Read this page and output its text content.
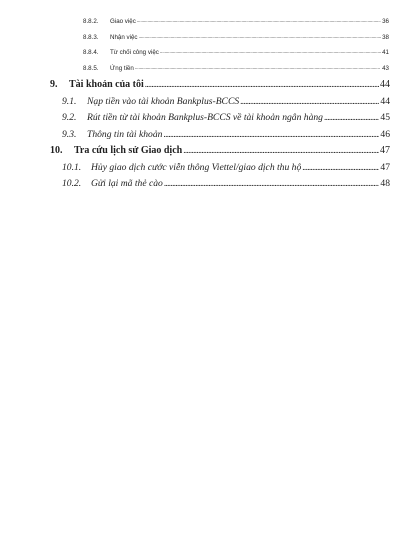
8.8.2.	Giao việc .....	36
8.8.3.	Nhận việc .....	38
8.8.4.	Từ chối công việc .....	41
8.8.5.	Ứng tiền .....	43
9.	Tài khoản của tôi .....	44
9.1.	Nạp tiền vào tài khoản Bankplus-BCCS .....	44
9.2.	Rút tiền từ tài khoản Bankplus-BCCS về tài khoản ngân hàng .....	45
9.3.	Thông tin tài khoản .....	46
10.	Tra cứu lịch sử Giao dịch .....	47
10.1.	Hủy giao dịch cước viễn thông Viettel/giao dịch thu hộ .....	47
10.2.	Gửi lại mã thẻ cào .....	48
